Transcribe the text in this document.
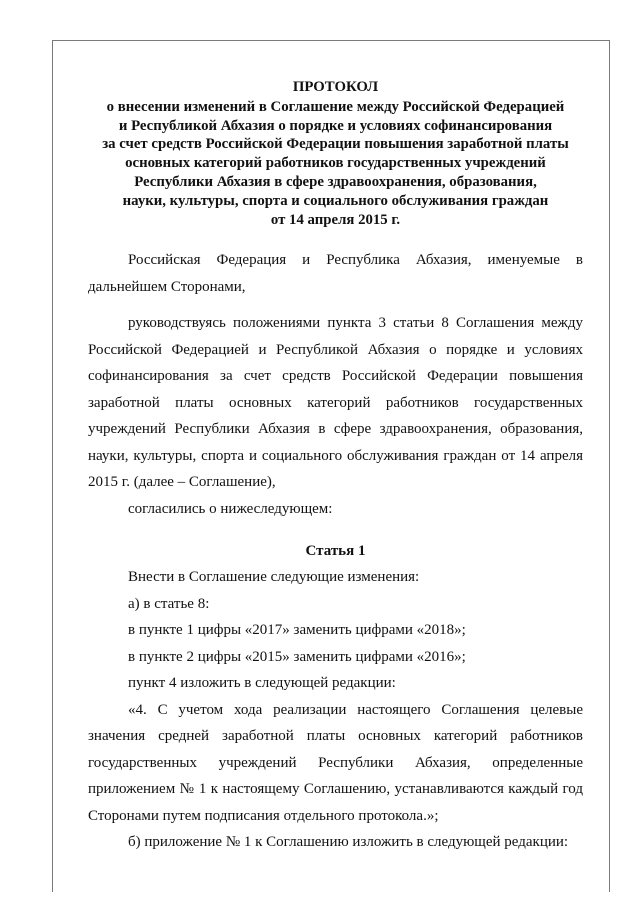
ПРОТОКОЛ
о внесении изменений в Соглашение между Российской Федерацией
и Республикой Абхазия о порядке и условиях софинансирования
за счет средств Российской Федерации повышения заработной платы
основных категорий работников государственных учреждений
Республики Абхазия в сфере здравоохранения, образования,
науки, культуры, спорта и социального обслуживания граждан
от 14 апреля 2015 г.

Российская Федерация и Республика Абхазия, именуемые в дальнейшем Сторонами,

руководствуясь положениями пункта 3 статьи 8 Соглашения между Российской Федерацией и Республикой Абхазия о порядке и условиях софинансирования за счет средств Российской Федерации повышения заработной платы основных категорий работников государственных учреждений Республики Абхазия в сфере здравоохранения, образования, науки, культуры, спорта и социального обслуживания граждан от 14 апреля 2015 г. (далее – Соглашение),

согласились о нижеследующем:

Статья 1

Внести в Соглашение следующие изменения:

а) в статье 8:

в пункте 1 цифры «2017» заменить цифрами «2018»;

в пункте 2 цифры «2015» заменить цифрами «2016»;

пункт 4 изложить в следующей редакции:

«4. С учетом хода реализации настоящего Соглашения целевые значения средней заработной платы основных категорий работников государственных учреждений Республики Абхазия, определенные приложением № 1 к настоящему Соглашению, устанавливаются каждый год Сторонами путем подписания отдельного протокола.»;

б) приложение № 1 к Соглашению изложить в следующей редакции:
